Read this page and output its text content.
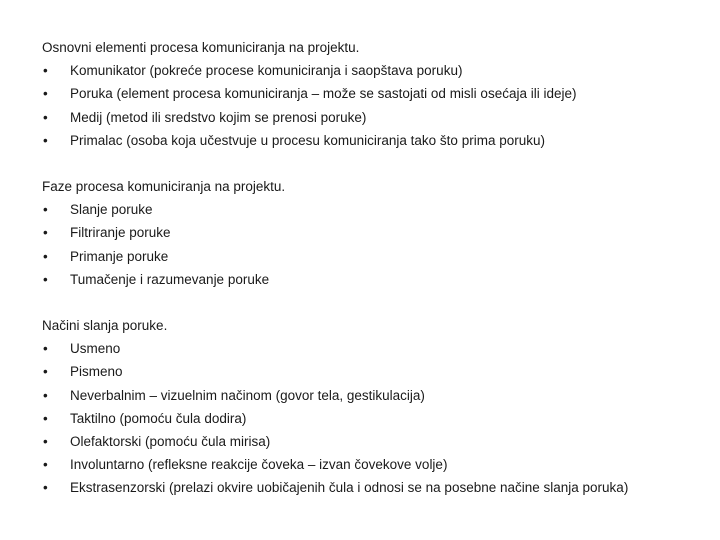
Osnovni elementi procesa komuniciranja na projektu.
•	Komunikator (pokreće procese komuniciranja i saopštava poruku)
•	Poruka (element procesa komuniciranja – može se sastojati od misli osećaja ili ideje)
•	Medij (metod ili sredstvo kojim se prenosi poruke)
•	Primalac (osoba koja učestvuje u procesu komuniciranja tako što prima poruku)
Faze procesa komuniciranja na projektu.
•	Slanje poruke
•	Filtriranje poruke
•	Primanje poruke
•	Tumačenje i razumevanje poruke
Načini slanja poruke.
•	Usmeno
•	Pismeno
•	Neverbalnim – vizuelnim načinom (govor tela, gestikulacija)
•	Taktilno (pomoću čula dodira)
•	Olefaktorski (pomoću čula mirisa)
•	Involuntarno (refleksne reakcije čoveka – izvan čovekove volje)
•	Ekstrasenzorski (prelazi okvire uobičajenih čula i odnosi se na posebne načine slanja poruka)
